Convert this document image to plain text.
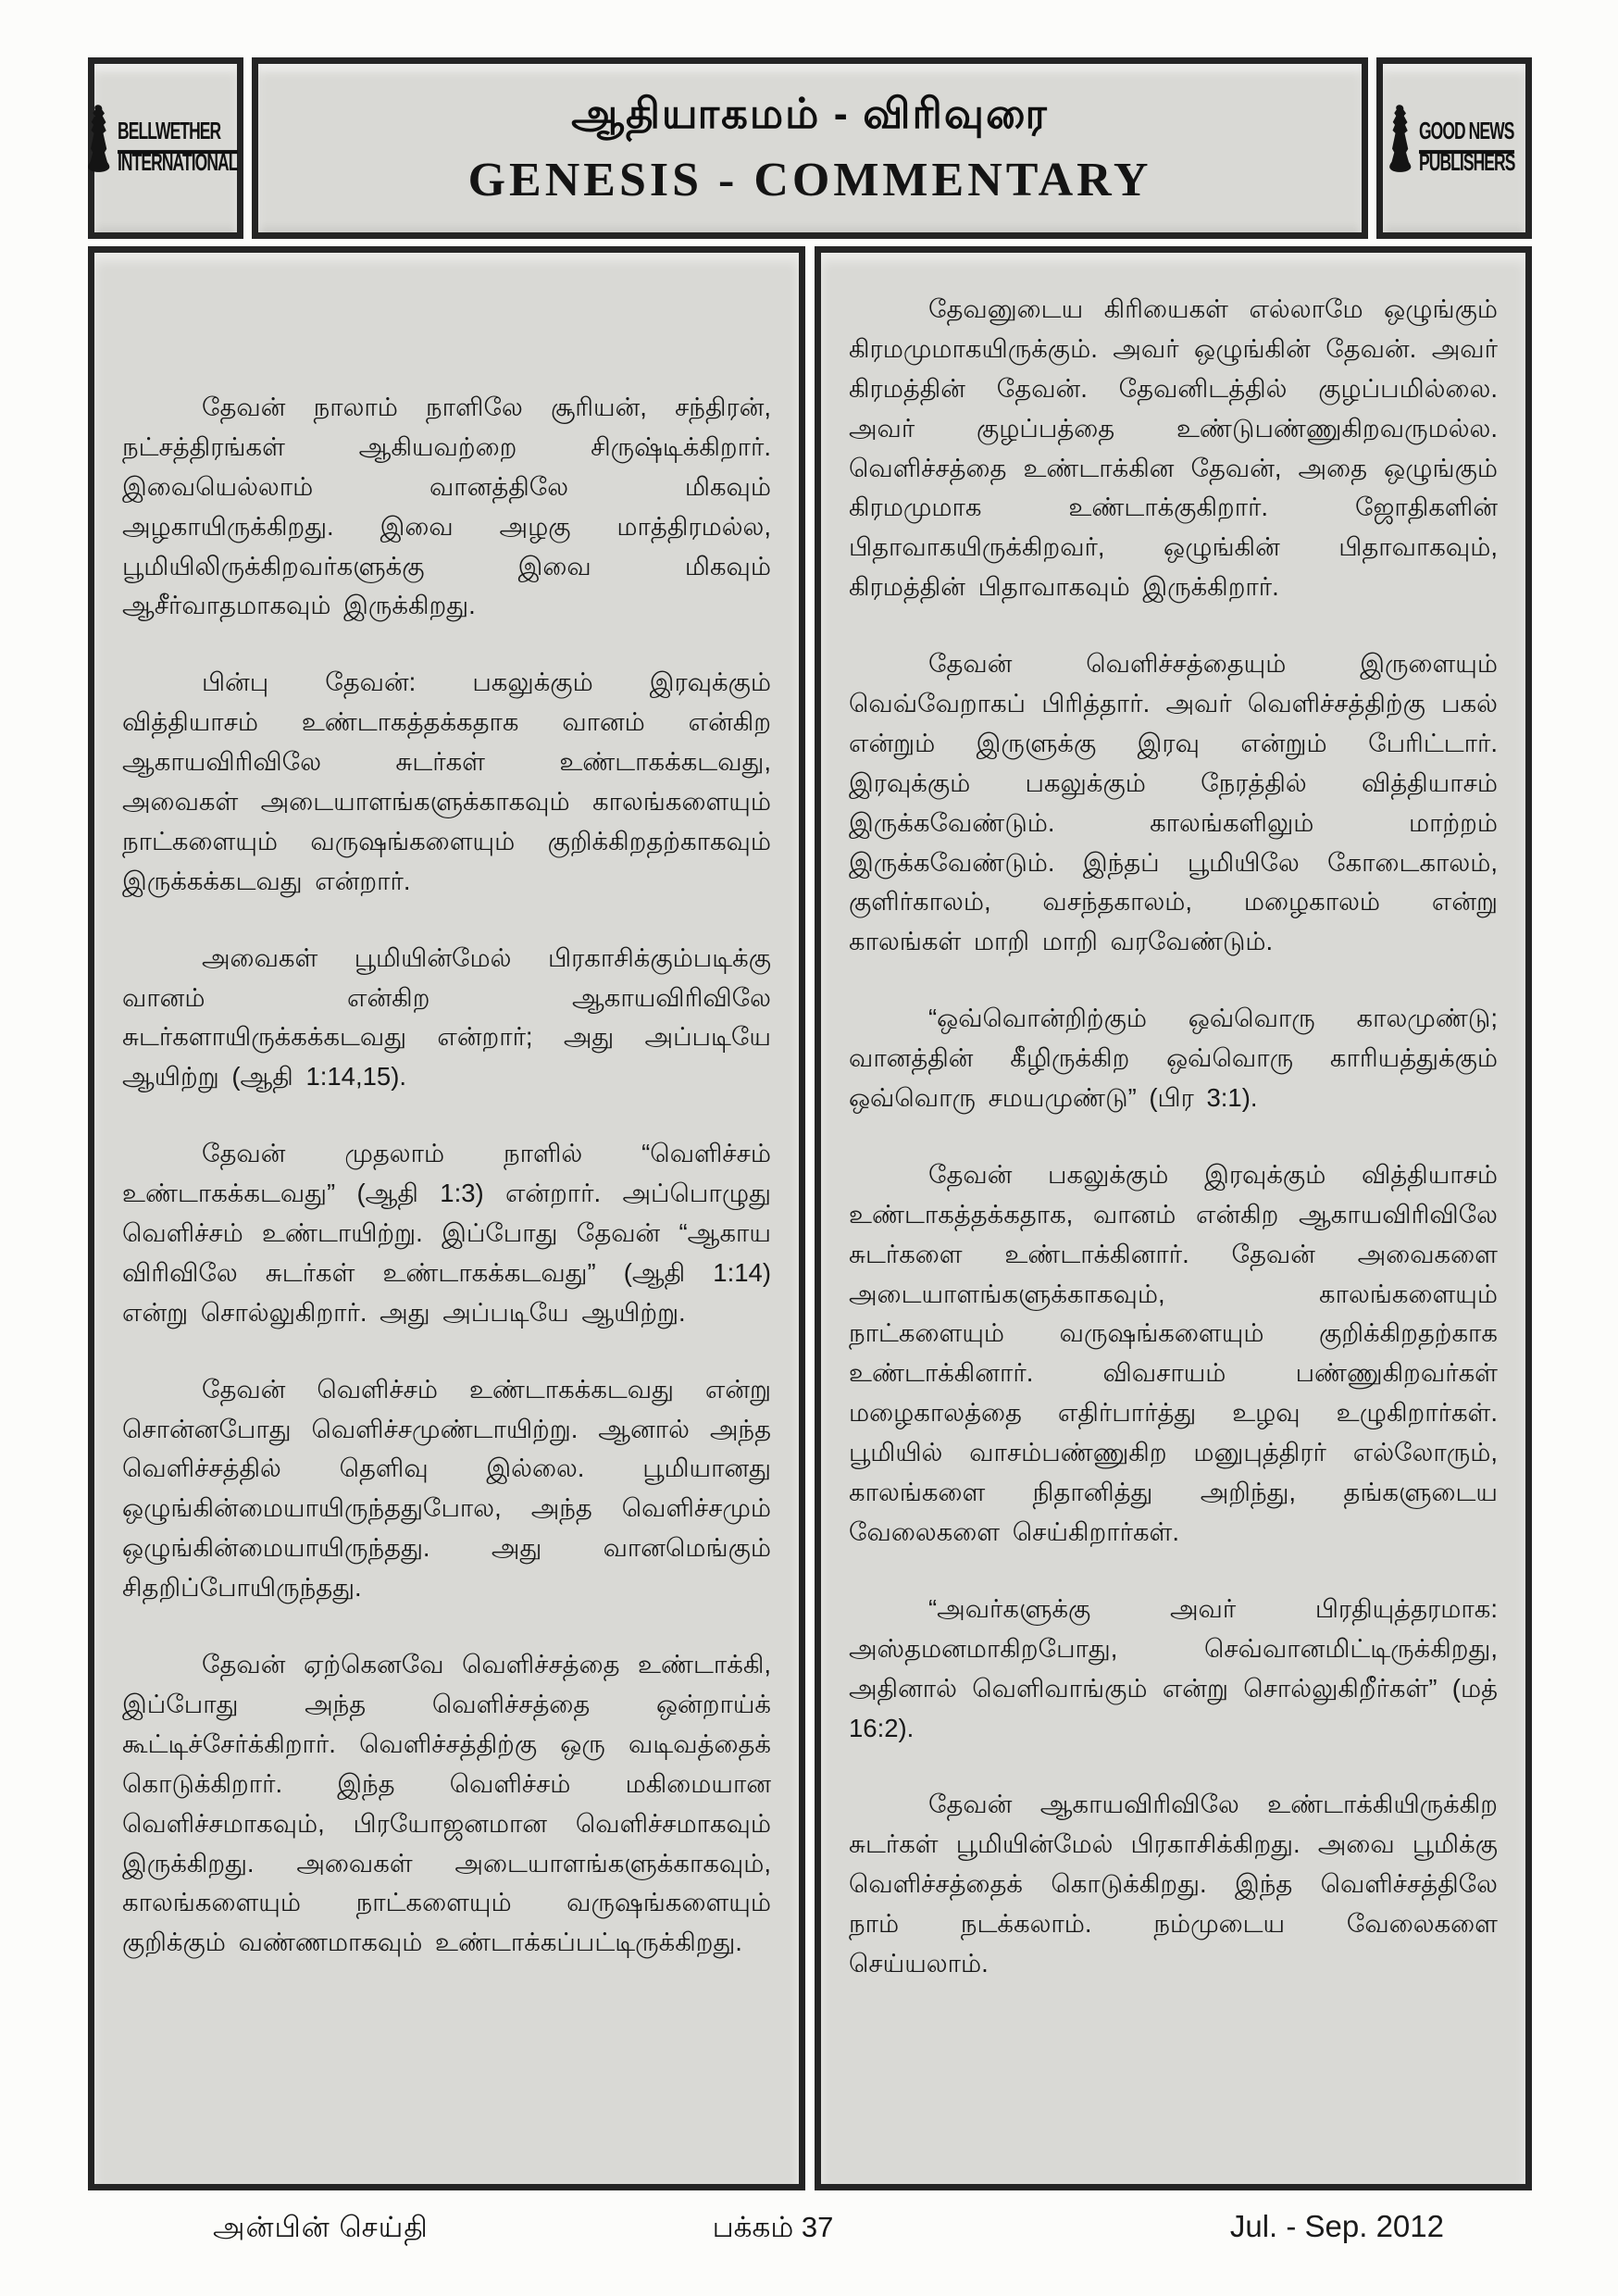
BELLWETHER
INTERNATIONAL
ஆதியாகமம் - விரிவுரை
GENESIS - COMMENTARY
GOOD NEWS
PUBLISHERS

தேவன் நாலாம் நாளிலே சூரியன், சந்திரன், நட்சத்திரங்கள் ஆகியவற்றை சிருஷ்டிக்கிறார். இவையெல்லாம் வானத்திலே மிகவும் அழகாயிருக்கிறது. இவை அழகு மாத்திரமல்ல, பூமியிலிருக்கிறவர்களுக்கு இவை மிகவும் ஆசீர்வாதமாகவும் இருக்கிறது.

பின்பு தேவன்: பகலுக்கும் இரவுக்கும் வித்தியாசம் உண்டாகத்தக்கதாக வானம் என்கிற ஆகாயவிரிவிலே சுடர்கள் உண்டாகக்கடவது, அவைகள் அடையாளங்களுக்காகவும் காலங்களையும் நாட்களையும் வருஷங்களையும் குறிக்கிறதற்காகவும் இருக்கக்கடவது என்றார்.

அவைகள் பூமியின்மேல் பிரகாசிக்கும்படிக்கு வானம் என்கிற ஆகாயவிரிவிலே சுடர்களாயிருக்கக்கடவது என்றார்; அது அப்படியே ஆயிற்று (ஆதி 1:14,15).

தேவன் முதலாம் நாளில் “வெளிச்சம் உண்டாகக்கடவது” (ஆதி 1:3) என்றார். அப்பொழுது வெளிச்சம் உண்டாயிற்று. இப்போது தேவன் “ஆகாய விரிவிலே சுடர்கள் உண்டாகக்கடவது” (ஆதி 1:14) என்று சொல்லுகிறார். அது அப்படியே ஆயிற்று.

தேவன் வெளிச்சம் உண்டாகக்கடவது என்று சொன்னபோது வெளிச்சமுண்டாயிற்று. ஆனால் அந்த வெளிச்சத்தில் தெளிவு இல்லை. பூமியானது ஒழுங்கின்மையாயிருந்ததுபோல, அந்த வெளிச்சமும் ஒழுங்கின்மையாயிருந்தது. அது வானமெங்கும் சிதறிப்போயிருந்தது.

தேவன் ஏற்கெனவே வெளிச்சத்தை உண்டாக்கி, இப்போது அந்த வெளிச்சத்தை ஒன்றாய்க் கூட்டிச்சேர்க்கிறார். வெளிச்சத்திற்கு ஒரு வடிவத்தைக் கொடுக்கிறார். இந்த வெளிச்சம் மகிமையான வெளிச்சமாகவும், பிரயோஜனமான வெளிச்சமாகவும் இருக்கிறது. அவைகள் அடையாளங்களுக்காகவும், காலங்களையும் நாட்களையும் வருஷங்களையும் குறிக்கும் வண்ணமாகவும் உண்டாக்கப்பட்டிருக்கிறது.

தேவனுடைய கிரியைகள் எல்லாமே ஒழுங்கும் கிரமமுமாகயிருக்கும். அவர் ஒழுங்கின் தேவன். அவர் கிரமத்தின் தேவன். தேவனிடத்தில் குழப்பமில்லை. அவர் குழப்பத்தை உண்டுபண்ணுகிறவருமல்ல. வெளிச்சத்தை உண்டாக்கின தேவன், அதை ஒழுங்கும் கிரமமுமாக உண்டாக்குகிறார். ஜோதிகளின் பிதாவாகயிருக்கிறவர், ஒழுங்கின் பிதாவாகவும், கிரமத்தின் பிதாவாகவும் இருக்கிறார்.

தேவன் வெளிச்சத்தையும் இருளையும் வெவ்வேறாகப் பிரித்தார். அவர் வெளிச்சத்திற்கு பகல் என்றும் இருளுக்கு இரவு என்றும் பேரிட்டார். இரவுக்கும் பகலுக்கும் நேரத்தில் வித்தியாசம் இருக்கவேண்டும். காலங்களிலும் மாற்றம் இருக்கவேண்டும். இந்தப் பூமியிலே கோடைகாலம், குளிர்காலம், வசந்தகாலம், மழைகாலம் என்று காலங்கள் மாறி மாறி வரவேண்டும்.

“ஒவ்வொன்றிற்கும் ஒவ்வொரு காலமுண்டு; வானத்தின் கீழிருக்கிற ஒவ்வொரு காரியத்துக்கும் ஒவ்வொரு சமயமுண்டு” (பிர 3:1).

தேவன் பகலுக்கும் இரவுக்கும் வித்தியாசம் உண்டாகத்தக்கதாக, வானம் என்கிற ஆகாயவிரிவிலே சுடர்களை உண்டாக்கினார். தேவன் அவைகளை அடையாளங்களுக்காகவும், காலங்களையும் நாட்களையும் வருஷங்களையும் குறிக்கிறதற்காக உண்டாக்கினார். விவசாயம் பண்ணுகிறவர்கள் மழைகாலத்தை எதிர்பார்த்து உழவு உழுகிறார்கள். பூமியில் வாசம்பண்ணுகிற மனுபுத்திரர் எல்லோரும், காலங்களை நிதானித்து அறிந்து, தங்களுடைய வேலைகளை செய்கிறார்கள்.

“அவர்களுக்கு அவர் பிரதியுத்தரமாக: அஸ்தமனமாகிறபோது, செவ்வானமிட்டிருக்கிறது, அதினால் வெளிவாங்கும் என்று சொல்லுகிறீர்கள்” (மத் 16:2).

தேவன் ஆகாயவிரிவிலே உண்டாக்கியிருக்கிற சுடர்கள் பூமியின்மேல் பிரகாசிக்கிறது. அவை பூமிக்கு வெளிச்சத்தைக் கொடுக்கிறது. இந்த வெளிச்சத்திலே நாம் நடக்கலாம். நம்முடைய வேலைகளை செய்யலாம்.

அன்பின் செய்தி	பக்கம் 37	Jul. - Sep. 2012
